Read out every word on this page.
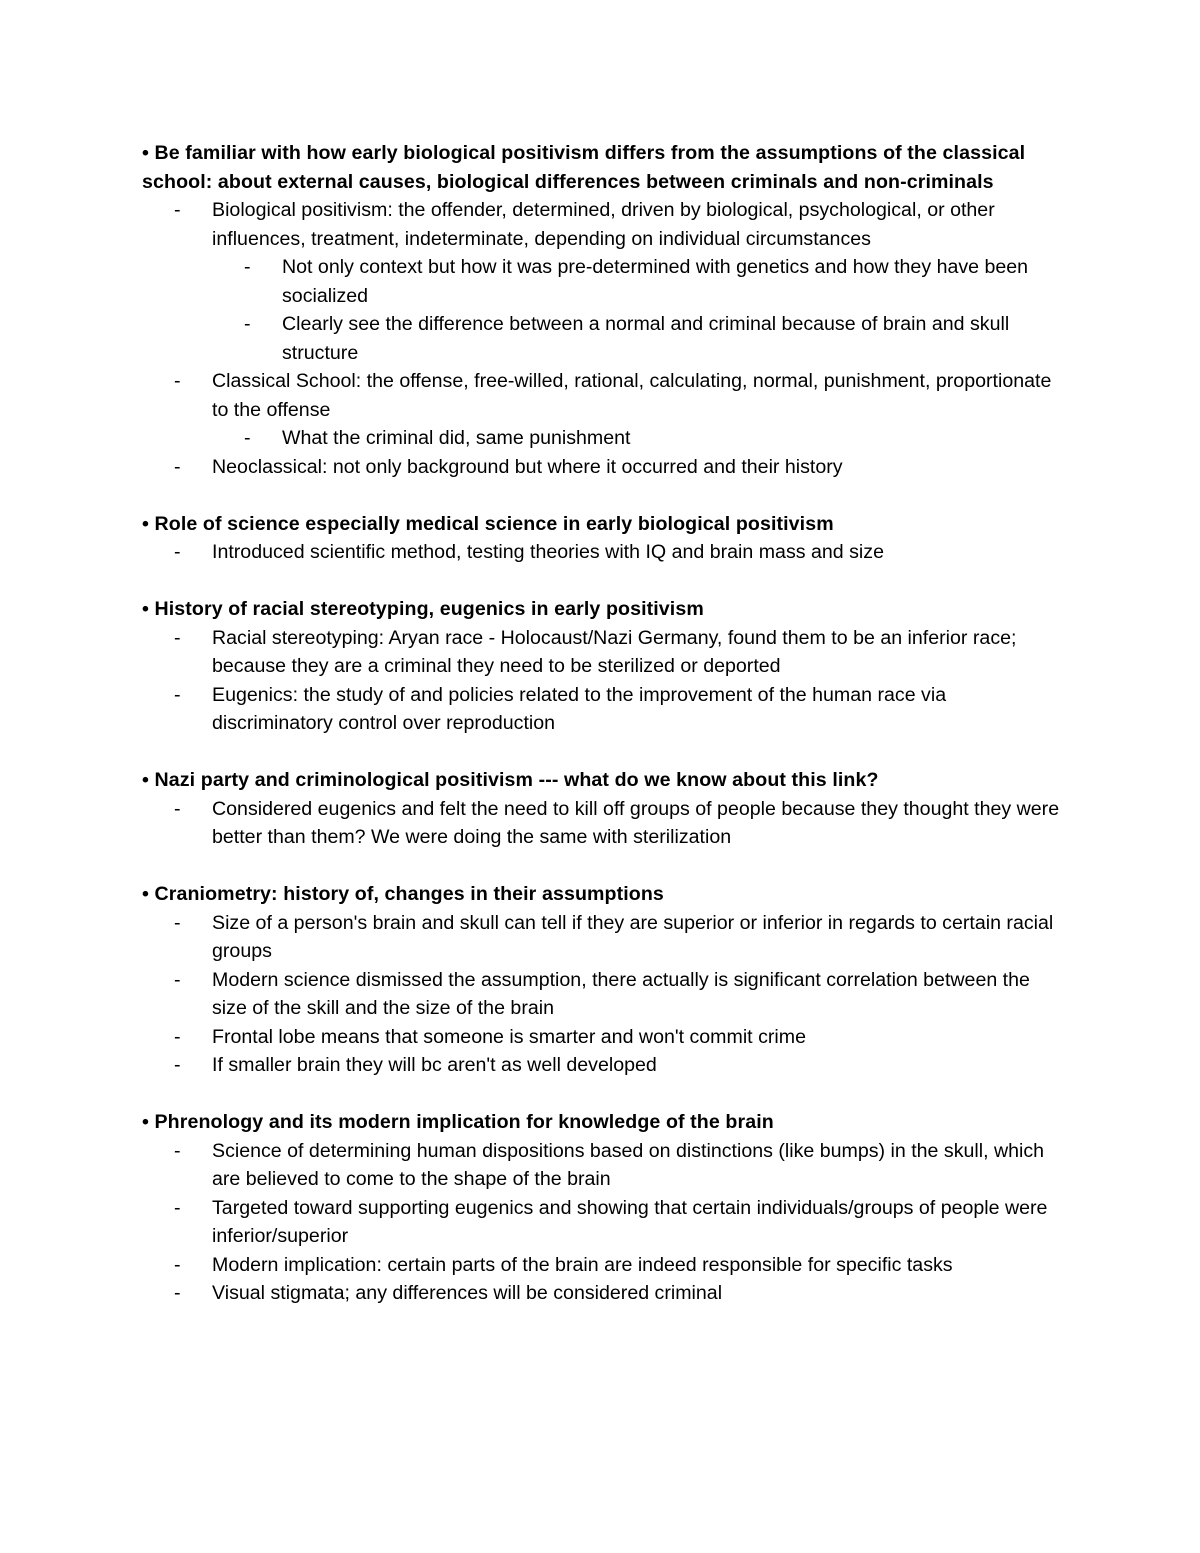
• Be familiar with how early biological positivism differs from the assumptions of the classical school: about external causes, biological differences between criminals and non-criminals

- Biological positivism: the offender, determined, driven by biological, psychological, or other influences, treatment, indeterminate, depending on individual circumstances

- Not only context but how it was pre-determined with genetics and how they have been socialized

- Clearly see the difference between a normal and criminal because of brain and skull structure

- Classical School: the offense, free-willed, rational, calculating, normal, punishment, proportionate to the offense

- What the criminal did, same punishment

- Neoclassical: not only background but where it occurred and their history

• Role of science especially medical science in early biological positivism

- Introduced scientific method, testing theories with IQ and brain mass and size

• History of racial stereotyping, eugenics in early positivism

- Racial stereotyping: Aryan race - Holocaust/Nazi Germany, found them to be an inferior race; because they are a criminal they need to be sterilized or deported

- Eugenics: the study of and policies related to the improvement of the human race via discriminatory control over reproduction

• Nazi party and criminological positivism --- what do we know about this link?

- Considered eugenics and felt the need to kill off groups of people because they thought they were better than them? We were doing the same with sterilization

• Craniometry: history of, changes in their assumptions

- Size of a person's brain and skull can tell if they are superior or inferior in regards to certain racial groups

- Modern science dismissed the assumption, there actually is significant correlation between the size of the skill and the size of the brain

- Frontal lobe means that someone is smarter and won't commit crime

- If smaller brain they will bc aren't as well developed

• Phrenology and its modern implication for knowledge of the brain

- Science of determining human dispositions based on distinctions (like bumps) in the skull, which are believed to come to the shape of the brain

- Targeted toward supporting eugenics and showing that certain individuals/groups of people were inferior/superior

- Modern implication: certain parts of the brain are indeed responsible for specific tasks

- Visual stigmata; any differences will be considered criminal
